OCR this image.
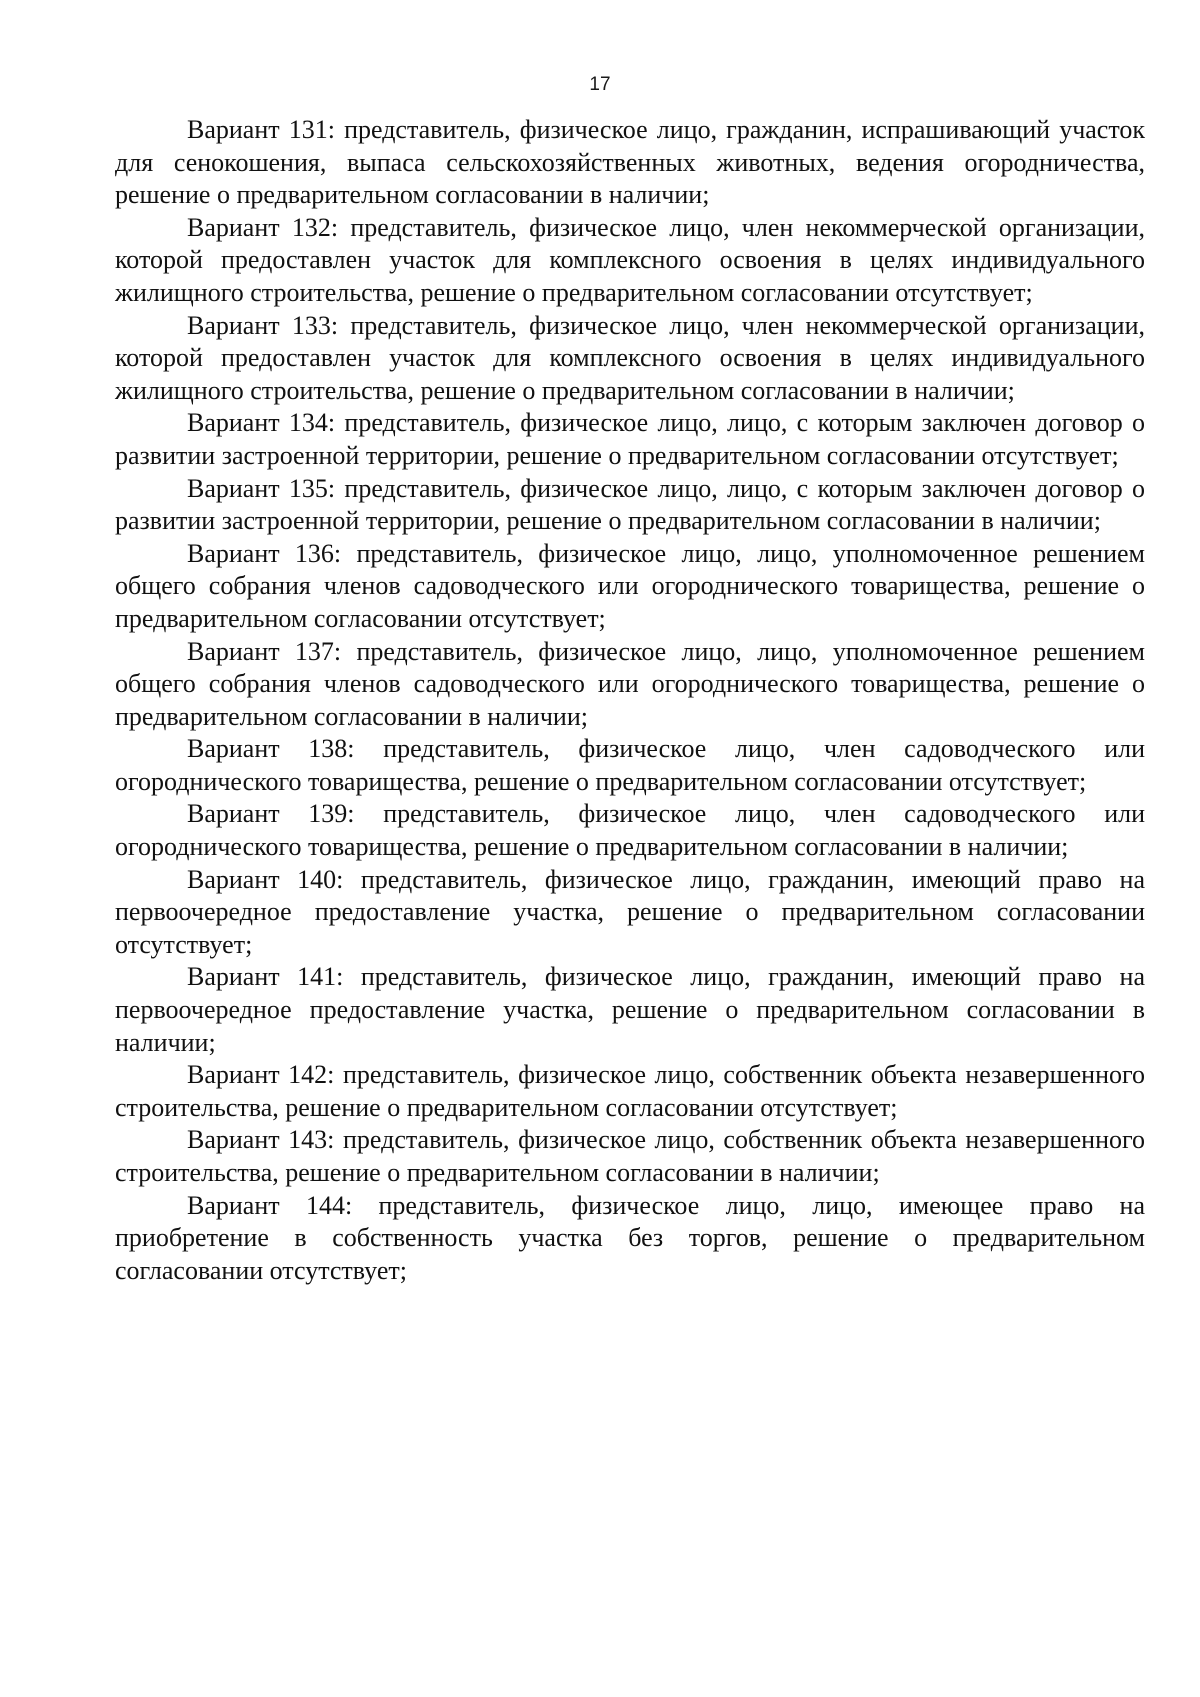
17

Вариант 131: представитель, физическое лицо, гражданин, испрашивающий участок для сенокошения, выпаса сельскохозяйственных животных, ведения огородничества, решение о предварительном согласовании в наличии;

Вариант 132: представитель, физическое лицо, член некоммерческой организации, которой предоставлен участок для комплексного освоения в целях индивидуального жилищного строительства, решение о предварительном согласовании отсутствует;

Вариант 133: представитель, физическое лицо, член некоммерческой организации, которой предоставлен участок для комплексного освоения в целях индивидуального жилищного строительства, решение о предварительном согласовании в наличии;

Вариант 134: представитель, физическое лицо, лицо, с которым заключен договор о развитии застроенной территории, решение о предварительном согласовании отсутствует;

Вариант 135: представитель, физическое лицо, лицо, с которым заключен договор о развитии застроенной территории, решение о предварительном согласовании в наличии;

Вариант 136: представитель, физическое лицо, лицо, уполномоченное решением общего собрания членов садоводческого или огороднического товарищества, решение о предварительном согласовании отсутствует;

Вариант 137: представитель, физическое лицо, лицо, уполномоченное решением общего собрания членов садоводческого или огороднического товарищества, решение о предварительном согласовании в наличии;

Вариант 138: представитель, физическое лицо, член садоводческого или огороднического товарищества, решение о предварительном согласовании отсутствует;

Вариант 139: представитель, физическое лицо, член садоводческого или огороднического товарищества, решение о предварительном согласовании в наличии;

Вариант 140: представитель, физическое лицо, гражданин, имеющий право на первоочередное предоставление участка, решение о предварительном согласовании отсутствует;

Вариант 141: представитель, физическое лицо, гражданин, имеющий право на первоочередное предоставление участка, решение о предварительном согласовании в наличии;

Вариант 142: представитель, физическое лицо, собственник объекта незавершенного строительства, решение о предварительном согласовании отсутствует;

Вариант 143: представитель, физическое лицо, собственник объекта незавершенного строительства, решение о предварительном согласовании в наличии;

Вариант 144: представитель, физическое лицо, лицо, имеющее право на приобретение в собственность участка без торгов, решение о предварительном согласовании отсутствует;
